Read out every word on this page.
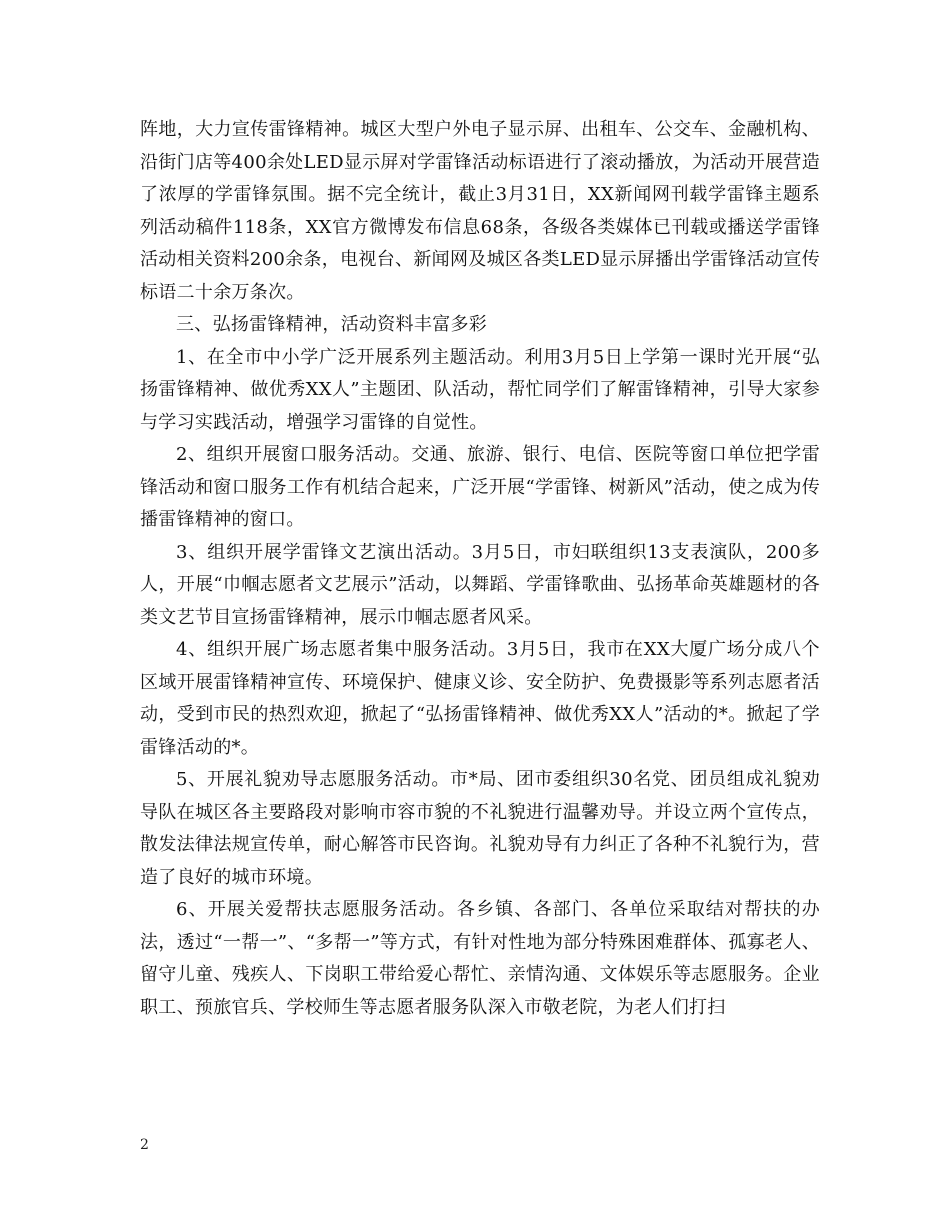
阵地，大力宣传雷锋精神。城区大型户外电子显示屏、出租车、公交车、金融机构、沿街门店等400余处LED显示屏对学雷锋活动标语进行了滚动播放，为活动开展营造了浓厚的学雷锋氛围。据不完全统计，截止3月31日，XX新闻网刊载学雷锋主题系列活动稿件118条，XX官方微博发布信息68条，各级各类媒体已刊载或播送学雷锋活动相关资料200余条，电视台、新闻网及城区各类LED显示屏播出学雷锋活动宣传标语二十余万条次。

三、弘扬雷锋精神，活动资料丰富多彩

1、在全市中小学广泛开展系列主题活动。利用3月5日上学第一课时光开展“弘扬雷锋精神、做优秀XX人”主题团、队活动，帮忙同学们了解雷锋精神，引导大家参与学习实践活动，增强学习雷锋的自觉性。

2、组织开展窗口服务活动。交通、旅游、银行、电信、医院等窗口单位把学雷锋活动和窗口服务工作有机结合起来，广泛开展“学雷锋、树新风”活动，使之成为传播雷锋精神的窗口。

3、组织开展学雷锋文艺演出活动。3月5日，市妇联组织13支表演队，200多人，开展“巾帼志愿者文艺展示”活动，以舞蹈、学雷锋歌曲、弘扬革命英雄题材的各类文艺节目宣扬雷锋精神，展示巾帼志愿者风采。

4、组织开展广场志愿者集中服务活动。3月5日，我市在XX大厦广场分成八个区域开展雷锋精神宣传、环境保护、健康义诊、安全防护、免费摄影等系列志愿者活动，受到市民的热烈欢迎，掀起了“弘扬雷锋精神、做优秀XX人”活动的*。掀起了学雷锋活动的*。

5、开展礼貌劝导志愿服务活动。市*局、团市委组织30名党、团员组成礼貌劝导队在城区各主要路段对影响市容市貌的不礼貌进行温馨劝导。并设立两个宣传点，散发法律法规宣传单，耐心解答市民咨询。礼貌劝导有力纠正了各种不礼貌行为，营造了良好的城市环境。

6、开展关爱帮扶志愿服务活动。各乡镇、各部门、各单位采取结对帮扶的办法，透过“一帮一”、“多帮一”等方式，有针对性地为部分特殊困难群体、孤寡老人、留守儿童、残疾人、下岗职工带给爱心帮忙、亲情沟通、文体娱乐等志愿服务。企业职工、预旅官兵、学校师生等志愿者服务队深入市敬老院，为老人们打扫

2
